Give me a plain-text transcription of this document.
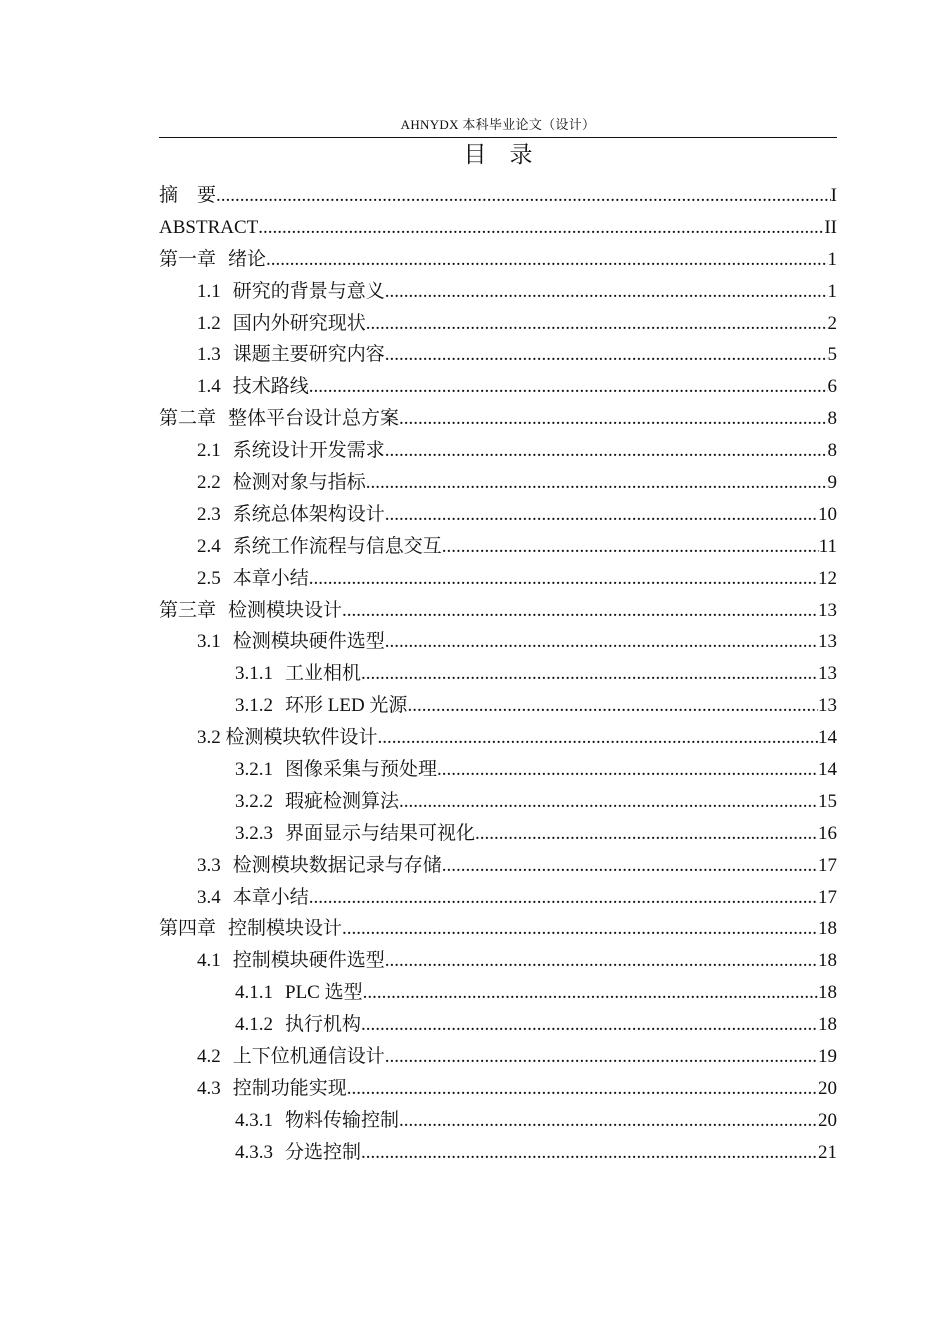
AHNYDX 本科毕业论文（设计）
目　录
摘　要 .....	I
ABSTRACT .....	II
第一章 绪论 .....	1
1.1 研究的背景与意义 .....	1
1.2 国内外研究现状 .....	2
1.3 课题主要研究内容 .....	5
1.4 技术路线 .....	6
第二章 整体平台设计总方案 .....	8
2.1 系统设计开发需求 .....	8
2.2 检测对象与指标 .....	9
2.3 系统总体架构设计 .....	10
2.4 系统工作流程与信息交互 .....	11
2.5 本章小结 .....	12
第三章 检测模块设计 .....	13
3.1 检测模块硬件选型 .....	13
3.1.1 工业相机 .....	13
3.1.2 环形 LED 光源 .....	13
3.2 检测模块软件设计 .....	14
3.2.1 图像采集与预处理 .....	14
3.2.2 瑕疵检测算法 .....	15
3.2.3 界面显示与结果可视化 .....	16
3.3 检测模块数据记录与存储 .....	17
3.4 本章小结 .....	17
第四章 控制模块设计 .....	18
4.1 控制模块硬件选型 .....	18
4.1.1 PLC 选型 .....	18
4.1.2 执行机构 .....	18
4.2 上下位机通信设计 .....	19
4.3 控制功能实现 .....	20
4.3.1 物料传输控制 .....	20
4.3.3 分选控制 .....	21
